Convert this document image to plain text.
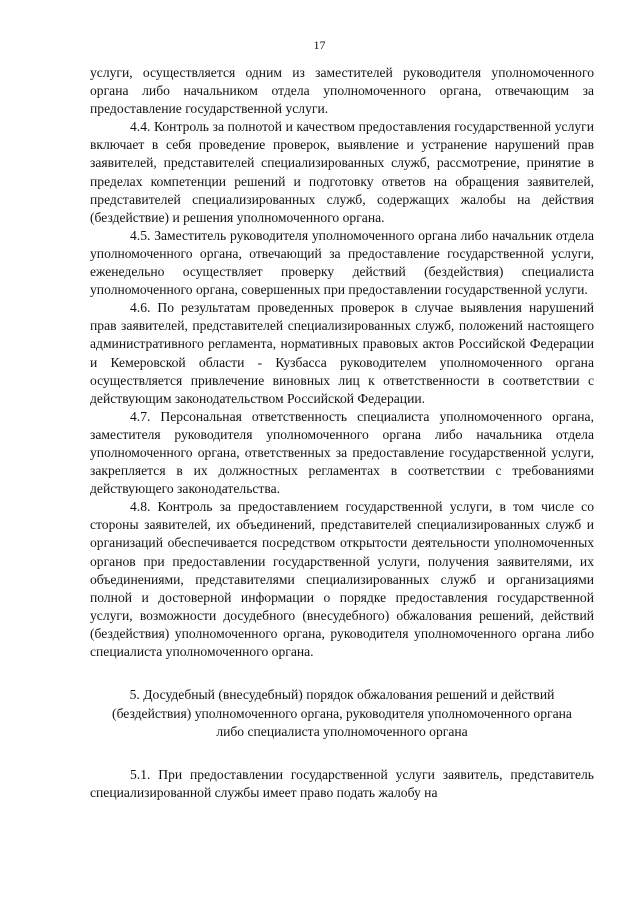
17

услуги, осуществляется одним из заместителей руководителя уполномоченного органа либо начальником отдела уполномоченного органа, отвечающим за предоставление государственной услуги.

4.4. Контроль за полнотой и качеством предоставления государственной услуги включает в себя проведение проверок, выявление и устранение нарушений прав заявителей, представителей специализированных служб, рассмотрение, принятие в пределах компетенции решений и подготовку ответов на обращения заявителей, представителей специализированных служб, содержащих жалобы на действия (бездействие) и решения уполномоченного органа.

4.5. Заместитель руководителя уполномоченного органа либо начальник отдела уполномоченного органа, отвечающий за предоставление государственной услуги, еженедельно осуществляет проверку действий (бездействия) специалиста уполномоченного органа, совершенных при предоставлении государственной услуги.

4.6. По результатам проведенных проверок в случае выявления нарушений прав заявителей, представителей специализированных служб, положений настоящего административного регламента, нормативных правовых актов Российской Федерации и Кемеровской области - Кузбасса руководителем уполномоченного органа осуществляется привлечение виновных лиц к ответственности в соответствии с действующим законодательством Российской Федерации.

4.7. Персональная ответственность специалиста уполномоченного органа, заместителя руководителя уполномоченного органа либо начальника отдела уполномоченного органа, ответственных за предоставление государственной услуги, закрепляется в их должностных регламентах в соответствии с требованиями действующего законодательства.

4.8. Контроль за предоставлением государственной услуги, в том числе со стороны заявителей, их объединений, представителей специализированных служб и организаций обеспечивается посредством открытости деятельности уполномоченных органов при предоставлении государственной услуги, получения заявителями, их объединениями, представителями специализированных служб и организациями полной и достоверной информации о порядке предоставления государственной услуги, возможности досудебного (внесудебного) обжалования решений, действий (бездействия) уполномоченного органа, руководителя уполномоченного органа либо специалиста уполномоченного органа.

5. Досудебный (внесудебный) порядок обжалования решений и действий (бездействия) уполномоченного органа, руководителя уполномоченного органа либо специалиста уполномоченного органа

5.1. При предоставлении государственной услуги заявитель, представитель специализированной службы имеет право подать жалобу на
